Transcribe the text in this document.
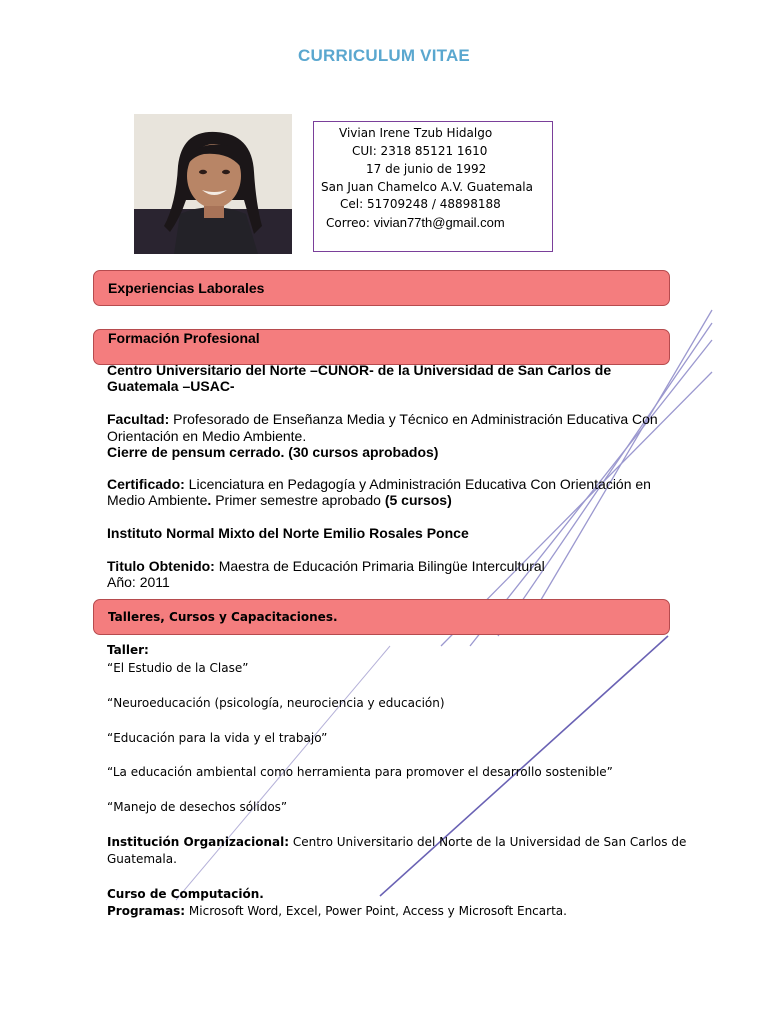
CURRICULUM VITAE
Vivian Irene Tzub Hidalgo
CUI: 2318 85121 1610
17 de junio de 1992
San Juan Chamelco A.V. Guatemala
Cel: 51709248 / 48898188
Correo: vivian77th@gmail.com
Experiencias Laborales
Formación Profesional
Centro Universitario del Norte –CUNOR- de la Universidad de San Carlos de
Guatemala –USAC-
Facultad: Profesorado de Enseñanza Media y Técnico en Administración Educativa Con
Orientación en Medio Ambiente.
Cierre de pensum cerrado. (30 cursos aprobados)
Certificado: Licenciatura en Pedagogía y Administración Educativa Con Orientación en
Medio Ambiente. Primer semestre aprobado (5 cursos)
Instituto Normal Mixto del Norte Emilio Rosales Ponce
Titulo Obtenido: Maestra de Educación Primaria Bilingüe Intercultural
Año: 2011
Talleres, Cursos y Capacitaciones.
Taller:
“El Estudio de la Clase”
“Neuroeducación (psicología, neurociencia y educación)
“Educación para la vida y el trabajo”
“La educación ambiental como herramienta para promover el desarrollo sostenible”
“Manejo de desechos sólidos”
Institución Organizacional: Centro Universitario del Norte de la Universidad de San Carlos de
Guatemala.
Curso de Computación.
Programas: Microsoft Word, Excel, Power Point, Access y Microsoft Encarta.
